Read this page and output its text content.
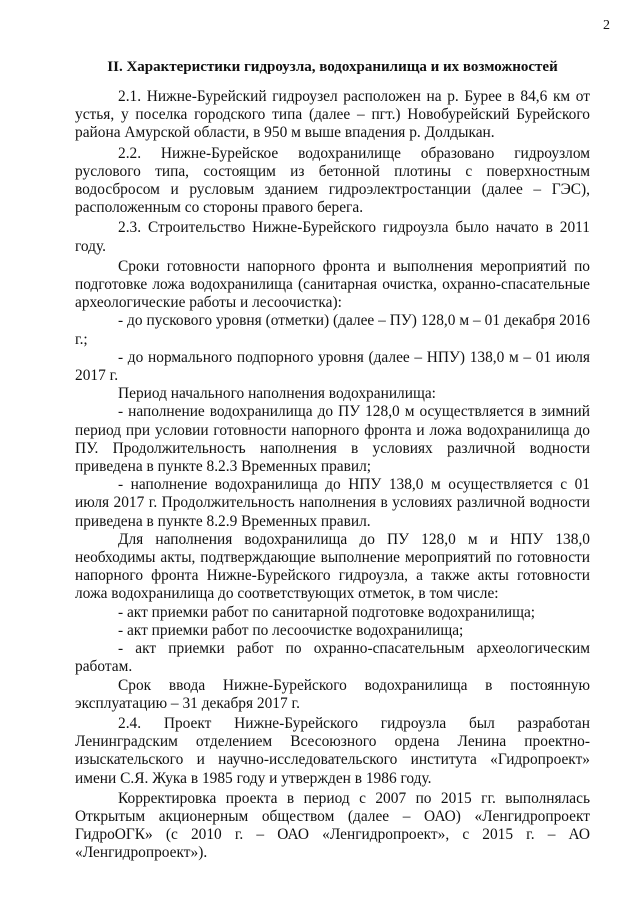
2
II. Характеристики гидроузла, водохранилища и их возможностей

2.1. Нижне-Бурейский гидроузел расположен на р. Бурее в 84,6 км от устья, у поселка городского типа (далее – пгт.) Новобурейский Бурейского района Амурской области, в 950 м выше впадения р. Долдыкан.

2.2. Нижне-Бурейское водохранилище образовано гидроузлом руслового типа, состоящим из бетонной плотины с поверхностным водосбросом и русловым зданием гидроэлектростанции (далее – ГЭС), расположенным со стороны правого берега.

2.3. Строительство Нижне-Бурейского гидроузла было начато в 2011 году.

Сроки готовности напорного фронта и выполнения мероприятий по подготовке ложа водохранилища (санитарная очистка, охранно-спасательные археологические работы и лесоочистка):

- до пускового уровня (отметки) (далее – ПУ) 128,0 м – 01 декабря 2016 г.;

- до нормального подпорного уровня (далее – НПУ) 138,0 м – 01 июля 2017 г.

Период начального наполнения водохранилища:

- наполнение водохранилища до ПУ 128,0 м осуществляется в зимний период при условии готовности напорного фронта и ложа водохранилища до ПУ. Продолжительность наполнения в условиях различной водности приведена в пункте 8.2.3 Временных правил;

- наполнение водохранилища до НПУ 138,0 м осуществляется с 01 июля 2017 г. Продолжительность наполнения в условиях различной водности приведена в пункте 8.2.9 Временных правил.

Для наполнения водохранилища до ПУ 128,0 м и НПУ 138,0 необходимы акты, подтверждающие выполнение мероприятий по готовности напорного фронта Нижне-Бурейского гидроузла, а также акты готовности ложа водохранилища до соответствующих отметок, в том числе:

- акт приемки работ по санитарной подготовке водохранилища;

- акт приемки работ по лесоочистке водохранилища;

- акт приемки работ по охранно-спасательным археологическим работам.

Срок ввода Нижне-Бурейского водохранилища в постоянную эксплуатацию – 31 декабря 2017 г.

2.4. Проект Нижне-Бурейского гидроузла был разработан Ленинградским отделением Всесоюзного ордена Ленина проектно-изыскательского и научно-исследовательского института «Гидропроект» имени С.Я. Жука в 1985 году и утвержден в 1986 году.

Корректировка проекта в период с 2007 по 2015 гг. выполнялась Открытым акционерным обществом (далее – ОАО) «Ленгидропроект ГидроОГК» (с 2010 г. – ОАО «Ленгидропроект», с 2015 г. – АО «Ленгидропроект»).
